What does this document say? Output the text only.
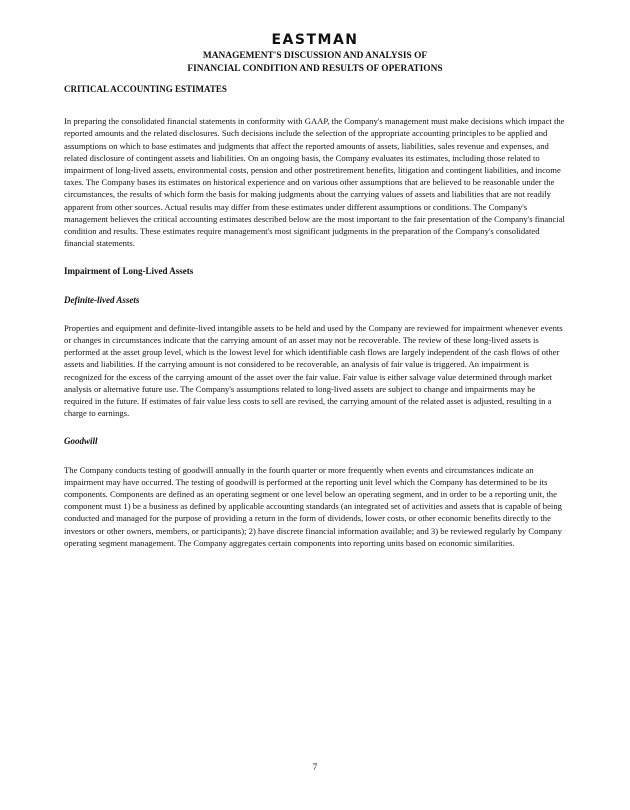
EASTMAN
MANAGEMENT'S DISCUSSION AND ANALYSIS OF
FINANCIAL CONDITION AND RESULTS OF OPERATIONS
CRITICAL ACCOUNTING ESTIMATES

In preparing the consolidated financial statements in conformity with GAAP, the Company's management must make decisions which impact the reported amounts and the related disclosures. Such decisions include the selection of the appropriate accounting principles to be applied and assumptions on which to base estimates and judgments that affect the reported amounts of assets, liabilities, sales revenue and expenses, and related disclosure of contingent assets and liabilities. On an ongoing basis, the Company evaluates its estimates, including those related to impairment of long-lived assets, environmental costs, pension and other postretirement benefits, litigation and contingent liabilities, and income taxes. The Company bases its estimates on historical experience and on various other assumptions that are believed to be reasonable under the circumstances, the results of which form the basis for making judgments about the carrying values of assets and liabilities that are not readily apparent from other sources. Actual results may differ from these estimates under different assumptions or conditions. The Company's management believes the critical accounting estimates described below are the most important to the fair presentation of the Company's financial condition and results. These estimates require management's most significant judgments in the preparation of the Company's consolidated financial statements.

Impairment of Long-Lived Assets
Definite-lived Assets

Properties and equipment and definite-lived intangible assets to be held and used by the Company are reviewed for impairment whenever events or changes in circumstances indicate that the carrying amount of an asset may not be recoverable. The review of these long-lived assets is performed at the asset group level, which is the lowest level for which identifiable cash flows are largely independent of the cash flows of other assets and liabilities. If the carrying amount is not considered to be recoverable, an analysis of fair value is triggered. An impairment is recognized for the excess of the carrying amount of the asset over the fair value. Fair value is either salvage value determined through market analysis or alternative future use. The Company's assumptions related to long-lived assets are subject to change and impairments may be required in the future. If estimates of fair value less costs to sell are revised, the carrying amount of the related asset is adjusted, resulting in a charge to earnings.

Goodwill

The Company conducts testing of goodwill annually in the fourth quarter or more frequently when events and circumstances indicate an impairment may have occurred. The testing of goodwill is performed at the reporting unit level which the Company has determined to be its components. Components are defined as an operating segment or one level below an operating segment, and in order to be a reporting unit, the component must 1) be a business as defined by applicable accounting standards (an integrated set of activities and assets that is capable of being conducted and managed for the purpose of providing a return in the form of dividends, lower costs, or other economic benefits directly to the investors or other owners, members, or participants); 2) have discrete financial information available; and 3) be reviewed regularly by Company operating segment management. The Company aggregates certain components into reporting units based on economic similarities.

7
